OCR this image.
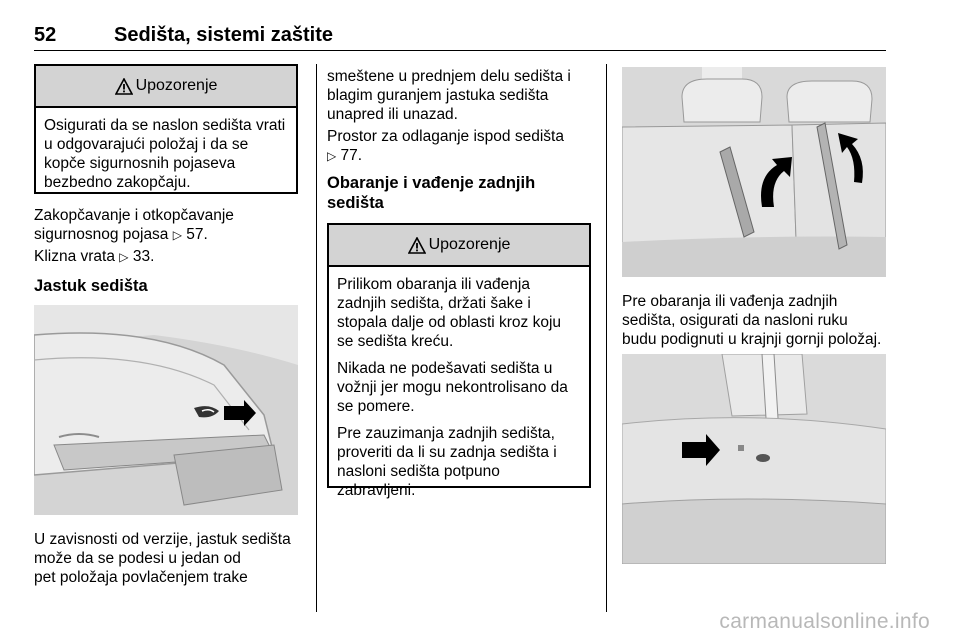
52	Sedišta, sistemi zaštite
Upozorenje

Osigurati da se naslon sedišta vrati u odgovarajući položaj i da se kopče sigurnosnih pojaseva bezbedno zakopčaju.

Zakopčavanje i otkopčavanje

sigurnosnog pojasa ▷ 57.

Klizna vrata ▷ 33.

Jastuk sedišta

U zavisnosti od verzije, jastuk sedišta

može da se podesi u jedan od

pet položaja povlačenjem trake

smeštene u prednjem delu sedišta i

blagim guranjem jastuka sedišta

unapred ili unazad.

Prostor za odlaganje ispod sedišta

▷ 77.

Obaranje i vađenje zadnjih
sedišta
Upozorenje

Prilikom obaranja ili vađenja zadnjih sedišta, držati šake i stopala dalje od oblasti kroz koju se sedišta kreću.

Nikada ne podešavati sedišta u vožnji jer mogu nekontrolisano da se pomere.

Pre zauzimanja zadnjih sedišta, proveriti da li su zadnja sedišta i nasloni sedišta potpuno zabravljeni.

Pre obaranja ili vađenja zadnjih

sedišta, osigurati da nasloni ruku

budu podignuti u krajnji gornji položaj.

carmanualsonline.info
